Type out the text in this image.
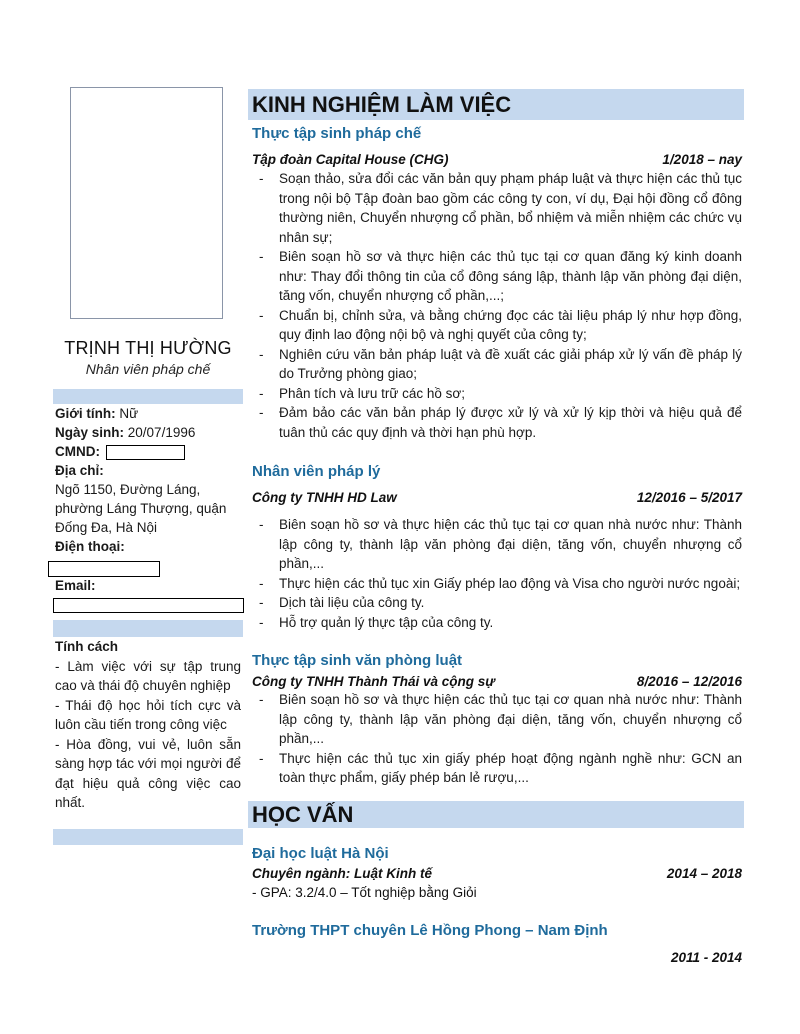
TRỊNH THỊ HƯỜNG
Nhân viên pháp chế
Giới tính: Nữ
Ngày sinh: 20/07/1996
CMND:
Địa chỉ:
Ngõ 1150, Đường Láng, phường Láng Thượng, quận Đống Đa, Hà Nội
Điện thoại:
Email:
Tính cách
- Làm việc với sự tập trung cao và thái độ chuyên nghiệp
- Thái độ học hỏi tích cực và luôn cầu tiến trong công việc
- Hòa đồng, vui vẻ, luôn sẵn sàng hợp tác với mọi người để đạt hiệu quả công việc cao nhất.
KINH NGHIỆM LÀM VIỆC
Thực tập sinh pháp chế
Tập đoàn Capital House (CHG)	1/2018 – nay
- Soạn thảo, sửa đổi các văn bản quy phạm pháp luật và thực hiện các thủ tục trong nội bộ Tập đoàn bao gồm các công ty con, ví dụ, Đại hội đồng cổ đông thường niên, Chuyển nhượng cổ phần, bổ nhiệm và miễn nhiệm các chức vụ nhân sự;
- Biên soạn hồ sơ và thực hiện các thủ tục tại cơ quan đăng ký kinh doanh như: Thay đổi thông tin của cổ đông sáng lập, thành lập văn phòng đại diện, tăng vốn, chuyển nhượng cổ phần,...;
- Chuẩn bị, chỉnh sửa, và bằng chứng đọc các tài liệu pháp lý như hợp đồng, quy định lao động nội bộ và nghị quyết của công ty;
- Nghiên cứu văn bản pháp luật và đề xuất các giải pháp xử lý vấn đề pháp lý do Trưởng phòng giao;
- Phân tích và lưu trữ các hồ sơ;
- Đảm bảo các văn bản pháp lý được xử lý và xử lý kịp thời và hiệu quả để tuân thủ các quy định và thời hạn phù hợp.
Nhân viên pháp lý
Công ty TNHH HD Law	12/2016 – 5/2017
- Biên soạn hồ sơ và thực hiện các thủ tục tại cơ quan nhà nước như: Thành lập công ty, thành lập văn phòng đại diện, tăng vốn, chuyển nhượng cổ phần,...
- Thực hiện các thủ tục xin Giấy phép lao động và Visa cho người nước ngoài;
- Dịch tài liệu của công ty.
- Hỗ trợ quản lý thực tập của công ty.
Thực tập sinh văn phòng luật
Công ty TNHH Thành Thái và cộng sự	8/2016 – 12/2016
- Biên soạn hồ sơ và thực hiện các thủ tục tại cơ quan nhà nước như: Thành lập công ty, thành lập văn phòng đại diện, tăng vốn, chuyển nhượng cổ phần,...
- Thực hiện các thủ tục xin giấy phép hoạt động ngành nghề như: GCN an toàn thực phẩm, giấy phép bán lẻ rượu,...
HỌC VẤN
Đại học luật Hà Nội
Chuyên ngành: Luật Kinh tế	2014 – 2018
- GPA: 3.2/4.0 – Tốt nghiệp bằng Giỏi
Trường THPT chuyên Lê Hồng Phong – Nam Định
2011 - 2014
